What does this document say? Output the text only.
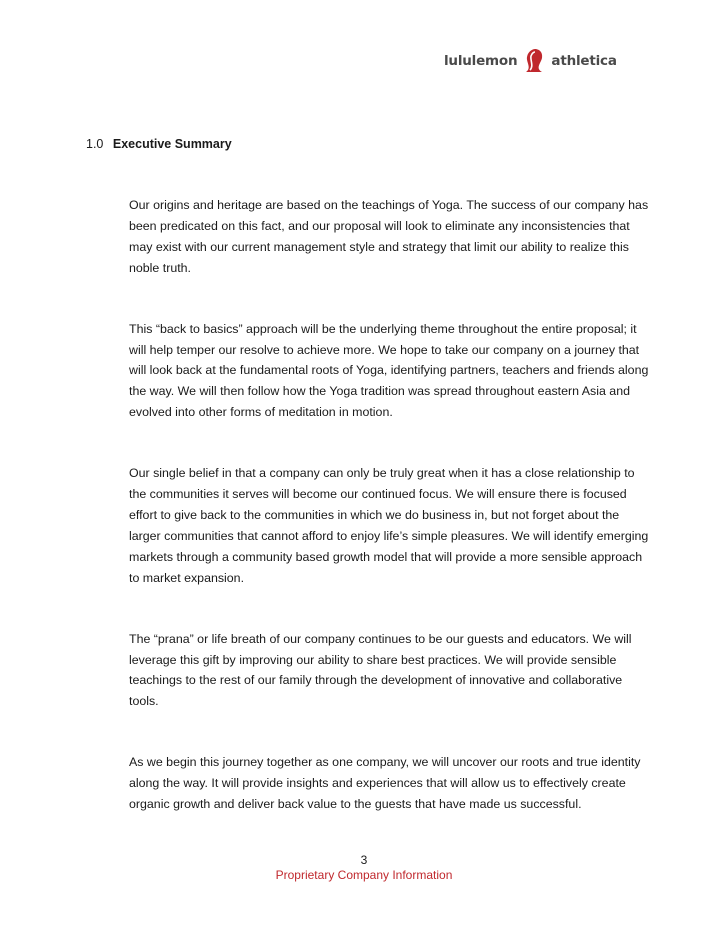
lululemon	athletica
1.0 Executive Summary

Our origins and heritage are based on the teachings of Yoga. The success of our company has been predicated on this fact, and our proposal will look to eliminate any inconsistencies that may exist with our current management style and strategy that limit our ability to realize this noble truth.

This “back to basics” approach will be the underlying theme throughout the entire proposal; it will help temper our resolve to achieve more. We hope to take our company on a journey that will look back at the fundamental roots of Yoga, identifying partners, teachers and friends along the way. We will then follow how the Yoga tradition was spread throughout eastern Asia and evolved into other forms of meditation in motion.

Our single belief in that a company can only be truly great when it has a close relationship to the communities it serves will become our continued focus. We will ensure there is focused effort to give back to the communities in which we do business in, but not forget about the larger communities that cannot afford to enjoy life’s simple pleasures. We will identify emerging markets through a community based growth model that will provide a more sensible approach to market expansion.

The “prana” or life breath of our company continues to be our guests and educators. We will leverage this gift by improving our ability to share best practices. We will provide sensible teachings to the rest of our family through the development of innovative and collaborative tools.

As we begin this journey together as one company, we will uncover our roots and true identity along the way. It will provide insights and experiences that will allow us to effectively create organic growth and deliver back value to the guests that have made us successful.

3
Proprietary Company Information
